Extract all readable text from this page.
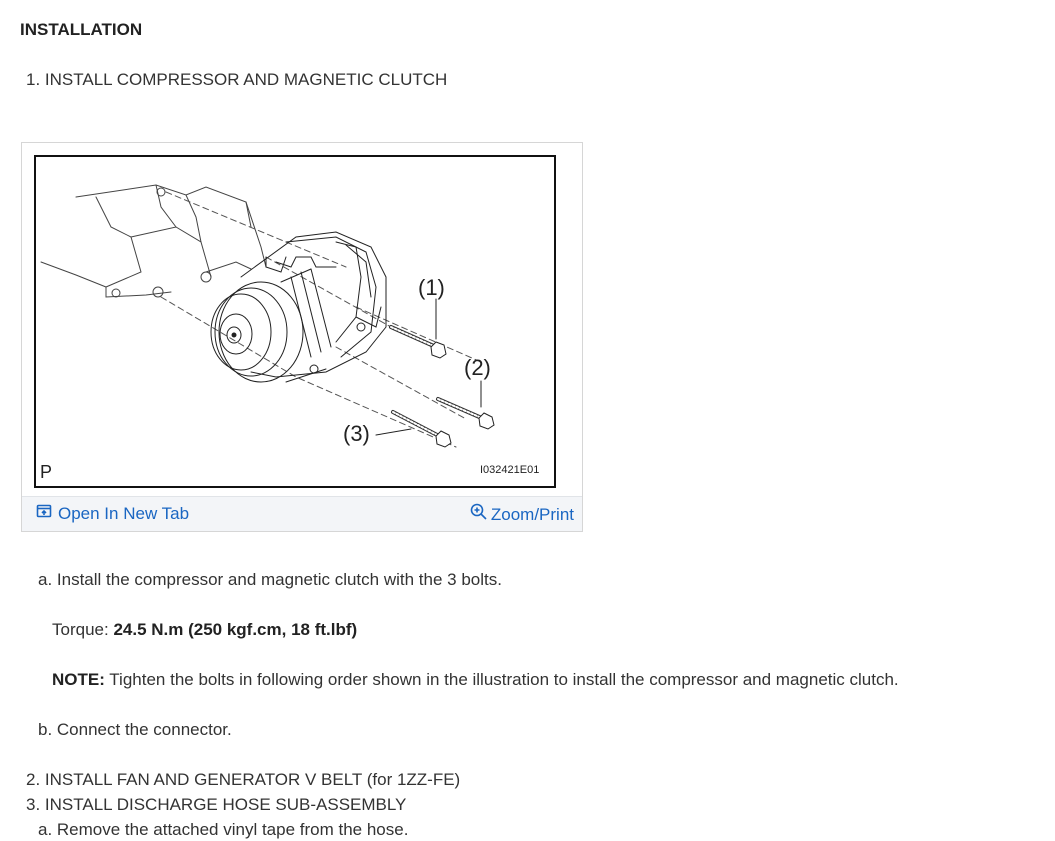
INSTALLATION
1. INSTALL COMPRESSOR AND MAGNETIC CLUTCH
(1)
(2)
(3)
P	I032421E01
Open In New Tab	Zoom/Print
a. Install the compressor and magnetic clutch with the 3 bolts.
Torque: 24.5 N.m (250 kgf.cm, 18 ft.lbf)
NOTE: Tighten the bolts in following order shown in the illustration to install the compressor and magnetic clutch.
b. Connect the connector.
2. INSTALL FAN AND GENERATOR V BELT (for 1ZZ-FE)
3. INSTALL DISCHARGE HOSE SUB-ASSEMBLY
a. Remove the attached vinyl tape from the hose.
